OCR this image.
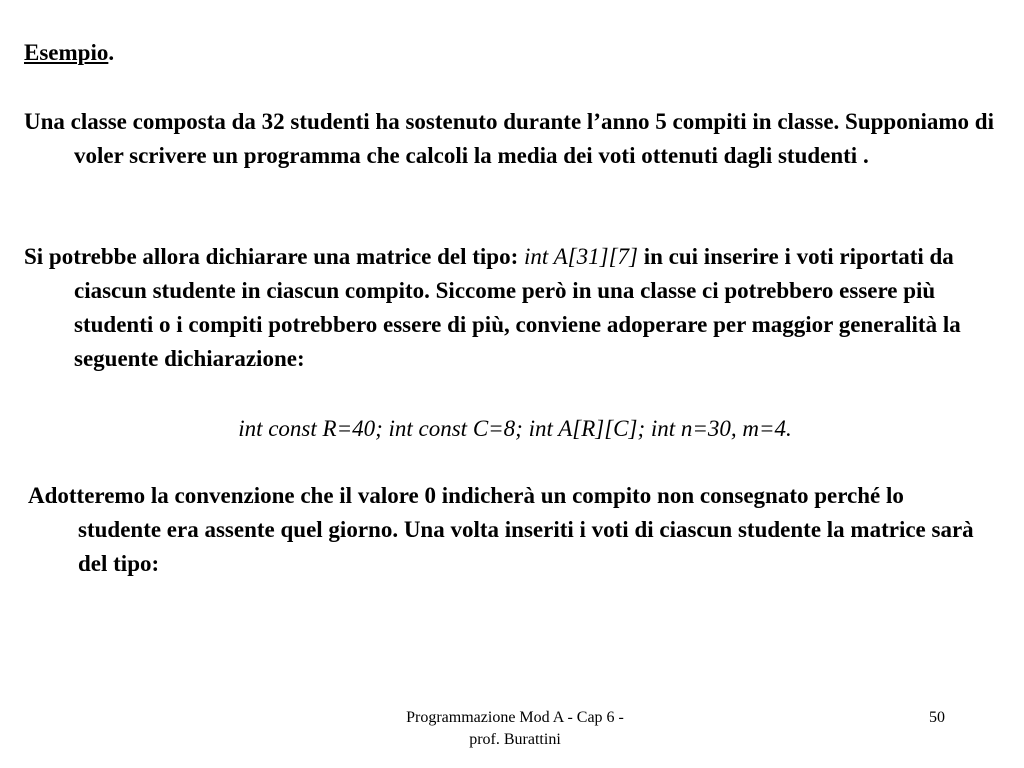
Esempio.

Una classe composta da 32 studenti ha sostenuto durante l’anno 5 compiti in classe. Supponiamo di voler scrivere un programma che calcoli la media dei voti ottenuti dagli studenti .

Si potrebbe allora dichiarare una matrice del tipo: int A[31][7] in cui inserire i voti riportati da ciascun studente in ciascun compito. Siccome però in una classe ci potrebbero essere più studenti o i compiti potrebbero essere di più, conviene adoperare per maggior generalità la seguente dichiarazione:

int const R=40; int const C=8; int A[R][C]; int n=30, m=4.

Adotteremo la convenzione che il valore 0 indicherà un compito non consegnato perché lo studente era assente quel giorno. Una volta inseriti i voti di ciascun studente la matrice sarà del tipo:

Programmazione Mod A - Cap 6 -
prof. Burattini

50
